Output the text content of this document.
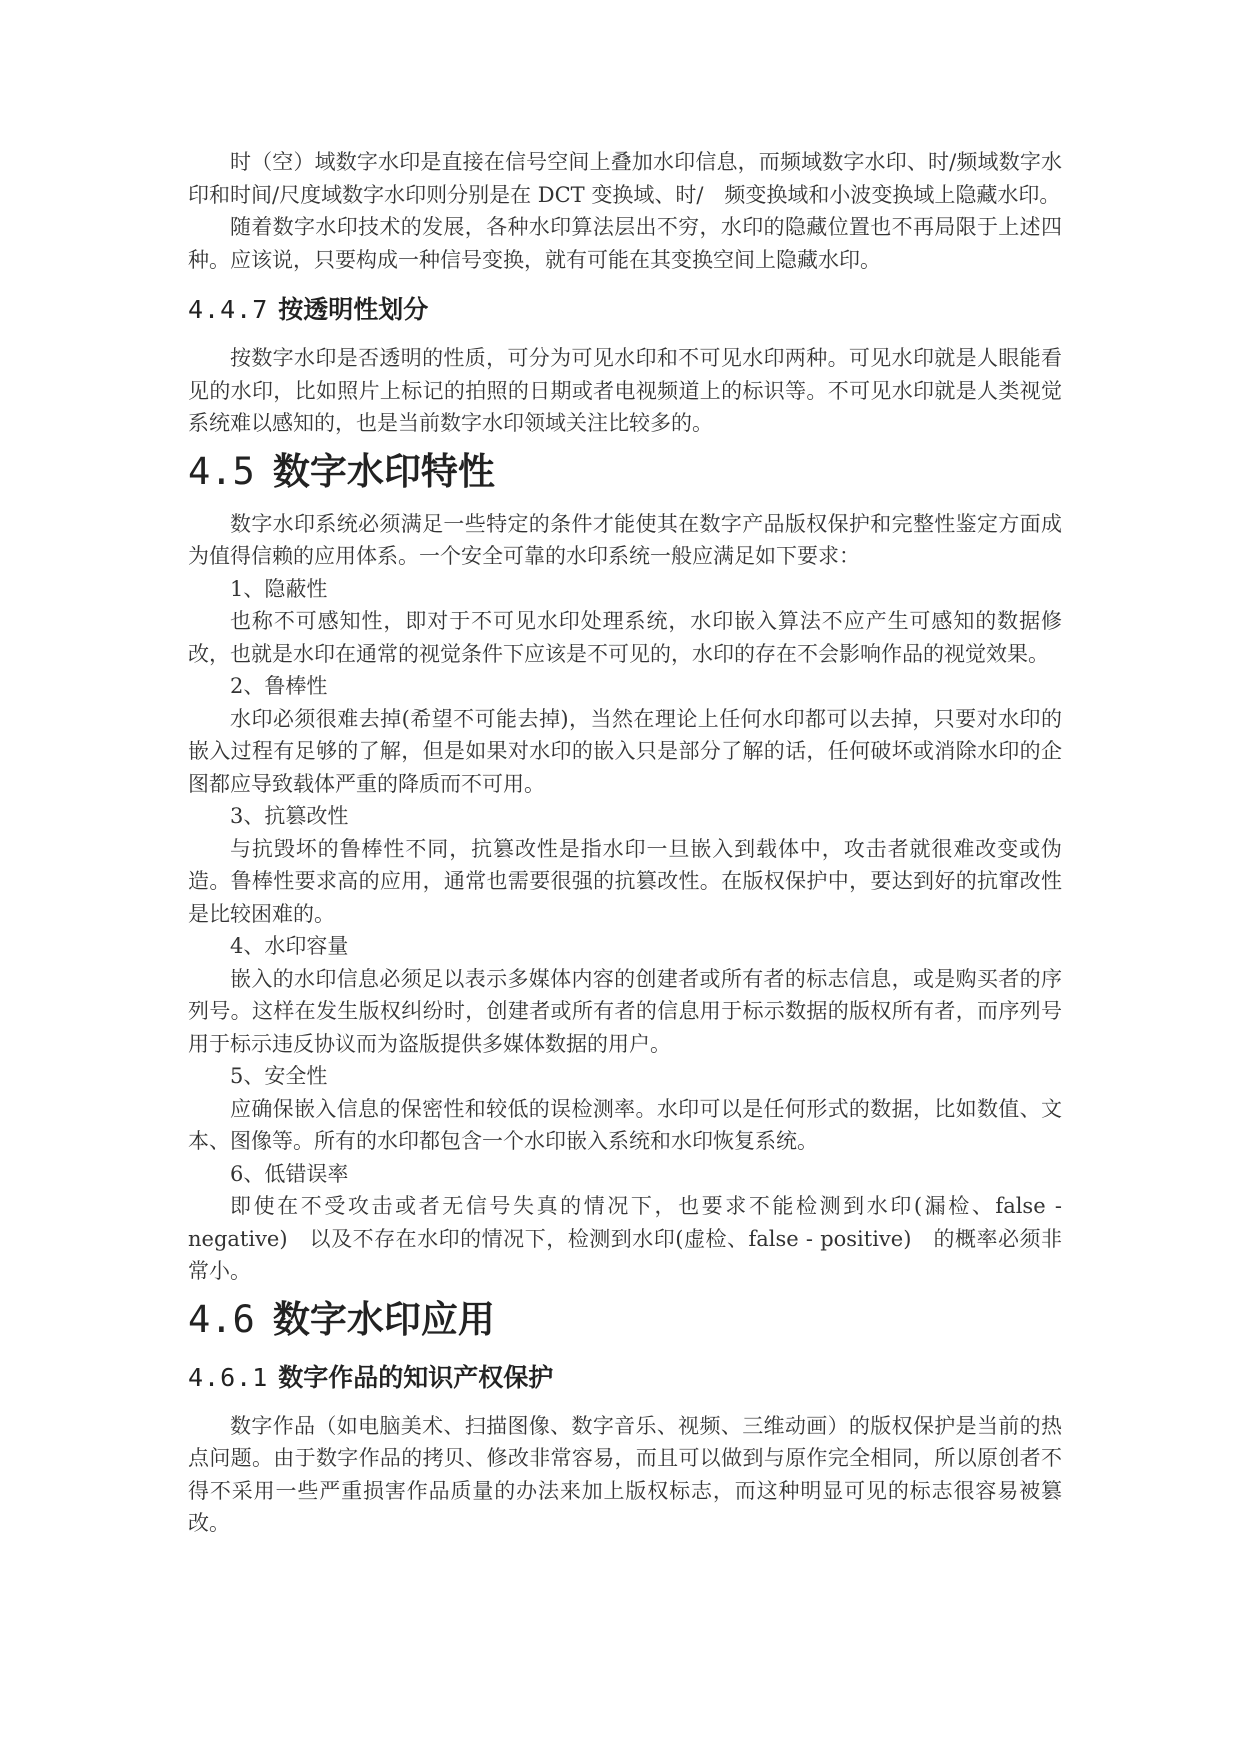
时（空）域数字水印是直接在信号空间上叠加水印信息，而频域数字水印、时/频域数字水印和时间/尺度域数字水印则分别是在 DCT 变换域、时/　频变换域和小波变换域上隐藏水印。

随着数字水印技术的发展，各种水印算法层出不穷，水印的隐藏位置也不再局限于上述四种。应该说，只要构成一种信号变换，就有可能在其变换空间上隐藏水印。

4.4.7 按透明性划分

按数字水印是否透明的性质，可分为可见水印和不可见水印两种。可见水印就是人眼能看见的水印，比如照片上标记的拍照的日期或者电视频道上的标识等。不可见水印就是人类视觉系统难以感知的，也是当前数字水印领域关注比较多的。

4.5 数字水印特性

数字水印系统必须满足一些特定的条件才能使其在数字产品版权保护和完整性鉴定方面成为值得信赖的应用体系。一个安全可靠的水印系统一般应满足如下要求：

1、隐蔽性

也称不可感知性，即对于不可见水印处理系统，水印嵌入算法不应产生可感知的数据修改，也就是水印在通常的视觉条件下应该是不可见的，水印的存在不会影响作品的视觉效果。

2、鲁棒性

水印必须很难去掉(希望不可能去掉)，当然在理论上任何水印都可以去掉，只要对水印的嵌入过程有足够的了解，但是如果对水印的嵌入只是部分了解的话，任何破坏或消除水印的企图都应导致载体严重的降质而不可用。

3、抗篡改性

与抗毁坏的鲁棒性不同，抗篡改性是指水印一旦嵌入到载体中，攻击者就很难改变或伪造。鲁棒性要求高的应用，通常也需要很强的抗篡改性。在版权保护中，要达到好的抗窜改性是比较困难的。

4、水印容量

嵌入的水印信息必须足以表示多媒体内容的创建者或所有者的标志信息，或是购买者的序列号。这样在发生版权纠纷时，创建者或所有者的信息用于标示数据的版权所有者，而序列号用于标示违反协议而为盗版提供多媒体数据的用户。

5、安全性

应确保嵌入信息的保密性和较低的误检测率。水印可以是任何形式的数据，比如数值、文本、图像等。所有的水印都包含一个水印嵌入系统和水印恢复系统。

6、低错误率

即使在不受攻击或者无信号失真的情况下，也要求不能检测到水印(漏检、false -negative)　以及不存在水印的情况下，检测到水印(虚检、false - positive)　的概率必须非常小。

4.6 数字水印应用
4.6.1 数字作品的知识产权保护

数字作品（如电脑美术、扫描图像、数字音乐、视频、三维动画）的版权保护是当前的热点问题。由于数字作品的拷贝、修改非常容易，而且可以做到与原作完全相同，所以原创者不得不采用一些严重损害作品质量的办法来加上版权标志，而这种明显可见的标志很容易被篡改。
